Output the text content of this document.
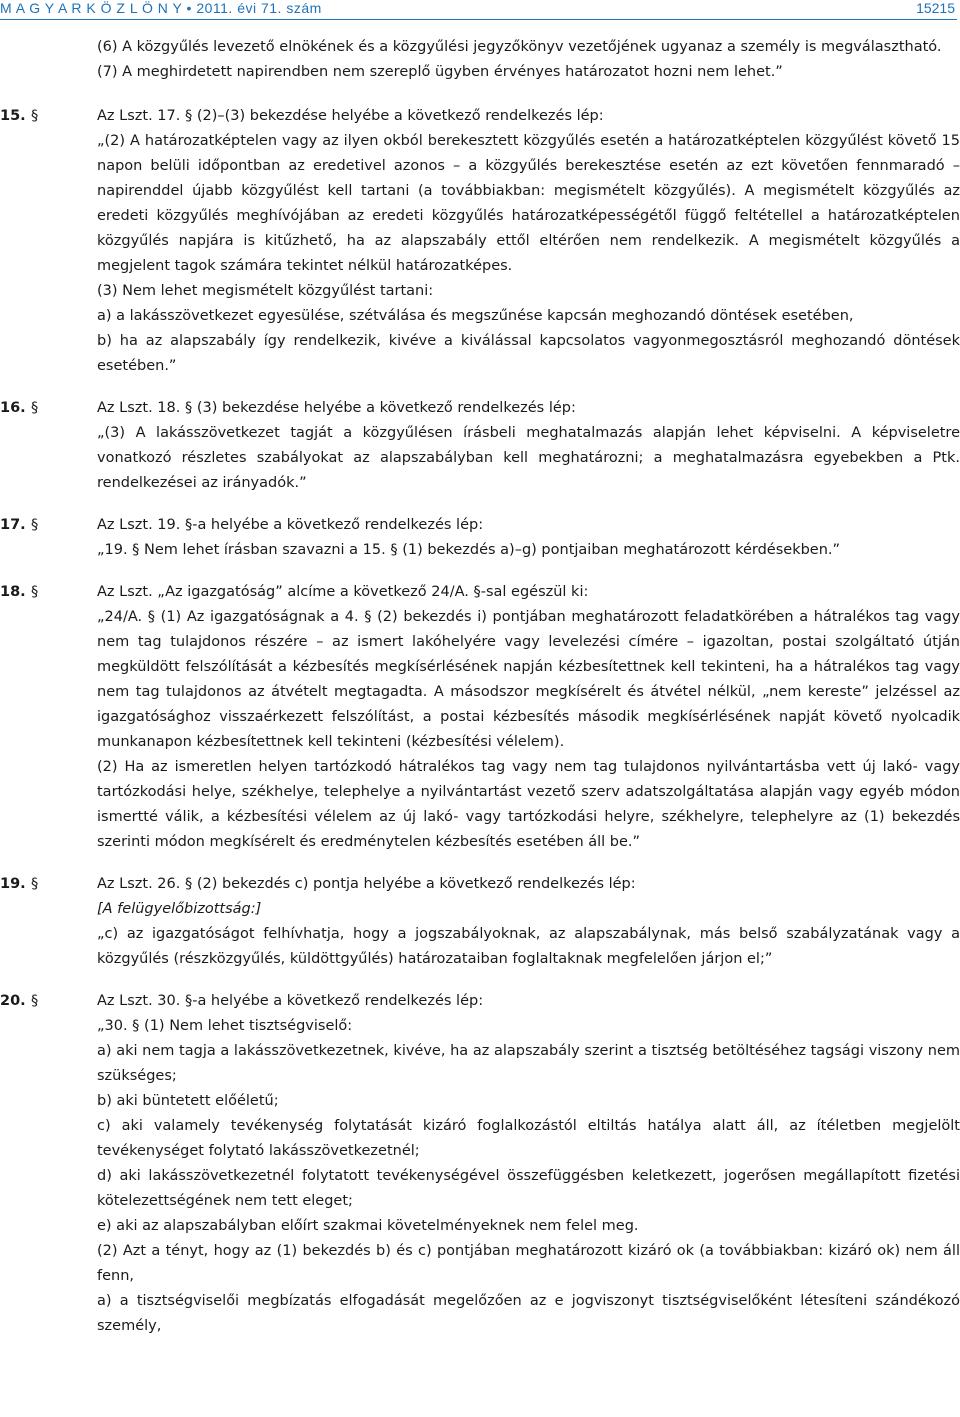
M A G Y A R K Ö Z L Ö N Y • 2011. évi 71. szám	15215
(6) A közgyűlés levezető elnökének és a közgyűlési jegyzőkönyv vezetőjének ugyanaz a személy is megválasztható.
(7) A meghirdetett napirendben nem szereplő ügyben érvényes határozatot hozni nem lehet.”
15. §	Az Lszt. 17. § (2)–(3) bekezdése helyébe a következő rendelkezés lép:
„(2) A határozatképtelen vagy az ilyen okból berekesztett közgyűlés esetén a határozatképtelen közgyűlést követő 15 napon belüli időpontban az eredetivel azonos – a közgyűlés berekesztése esetén az ezt követően fennmaradó – napirenddel újabb közgyűlést kell tartani (a továbbiakban: megismételt közgyűlés). A megismételt közgyűlés az eredeti közgyűlés meghívójában az eredeti közgyűlés határozatképességétől függő feltétellel a határozatképtelen közgyűlés napjára is kitűzhető, ha az alapszabály ettől eltérően nem rendelkezik. A megismételt közgyűlés a megjelent tagok számára tekintet nélkül határozatképes.
(3) Nem lehet megismételt közgyűlést tartani:
a) a lakásszövetkezet egyesülése, szétválása és megszűnése kapcsán meghozandó döntések esetében,
b) ha az alapszabály így rendelkezik, kivéve a kiválással kapcsolatos vagyonmegosztásról meghozandó döntések esetében.”
16. §	Az Lszt. 18. § (3) bekezdése helyébe a következő rendelkezés lép:
„(3) A lakásszövetkezet tagját a közgyűlésen írásbeli meghatalmazás alapján lehet képviselni. A képviseletre vonatkozó részletes szabályokat az alapszabályban kell meghatározni; a meghatalmazásra egyebekben a Ptk. rendelkezései az irányadók.”
17. §	Az Lszt. 19. §-a helyébe a következő rendelkezés lép:
„19. § Nem lehet írásban szavazni a 15. § (1) bekezdés a)–g) pontjaiban meghatározott kérdésekben.”
18. §	Az Lszt. „Az igazgatóság” alcíme a következő 24/A. §-sal egészül ki:
„24/A. § (1) Az igazgatóságnak a 4. § (2) bekezdés i) pontjában meghatározott feladatkörében a hátralékos tag vagy nem tag tulajdonos részére – az ismert lakóhelyére vagy levelezési címére – igazoltan, postai szolgáltató útján megküldött felszólítását a kézbesítés megkísérlésének napján kézbesítettnek kell tekinteni, ha a hátralékos tag vagy nem tag tulajdonos az átvételt megtagadta. A másodszor megkísérelt és átvétel nélkül, „nem kereste” jelzéssel az igazgatósághoz visszaérkezett felszólítást, a postai kézbesítés második megkísérlésének napját követő nyolcadik munkanapon kézbesítettnek kell tekinteni (kézbesítési vélelem).
(2) Ha az ismeretlen helyen tartózkodó hátralékos tag vagy nem tag tulajdonos nyilvántartásba vett új lakó- vagy tartózkodási helye, székhelye, telephelye a nyilvántartást vezető szerv adatszolgáltatása alapján vagy egyéb módon ismertté válik, a kézbesítési vélelem az új lakó- vagy tartózkodási helyre, székhelyre, telephelyre az (1) bekezdés szerinti módon megkísérelt és eredménytelen kézbesítés esetében áll be.”
19. §	Az Lszt. 26. § (2) bekezdés c) pontja helyébe a következő rendelkezés lép:
[A felügyelőbizottság:]
„c) az igazgatóságot felhívhatja, hogy a jogszabályoknak, az alapszabálynak, más belső szabályzatának vagy a közgyűlés (részközgyűlés, küldöttgyűlés) határozataiban foglaltaknak megfelelően járjon el;”
20. §	Az Lszt. 30. §-a helyébe a következő rendelkezés lép:
„30. § (1) Nem lehet tisztségviselő:
a) aki nem tagja a lakásszövetkezetnek, kivéve, ha az alapszabály szerint a tisztség betöltéséhez tagsági viszony nem szükséges;
b) aki büntetett előéletű;
c) aki valamely tevékenység folytatását kizáró foglalkozástól eltiltás hatálya alatt áll, az ítéletben megjelölt tevékenységet folytató lakásszövetkezetnél;
d) aki lakásszövetkezetnél folytatott tevékenységével összefüggésben keletkezett, jogerősen megállapított fizetési kötelezettségének nem tett eleget;
e) aki az alapszabályban előírt szakmai követelményeknek nem felel meg.
(2) Azt a tényt, hogy az (1) bekezdés b) és c) pontjában meghatározott kizáró ok (a továbbiakban: kizáró ok) nem áll fenn,
a) a tisztségviselői megbízatás elfogadását megelőzően az e jogviszonyt tisztségviselőként létesíteni szándékozó személy,
